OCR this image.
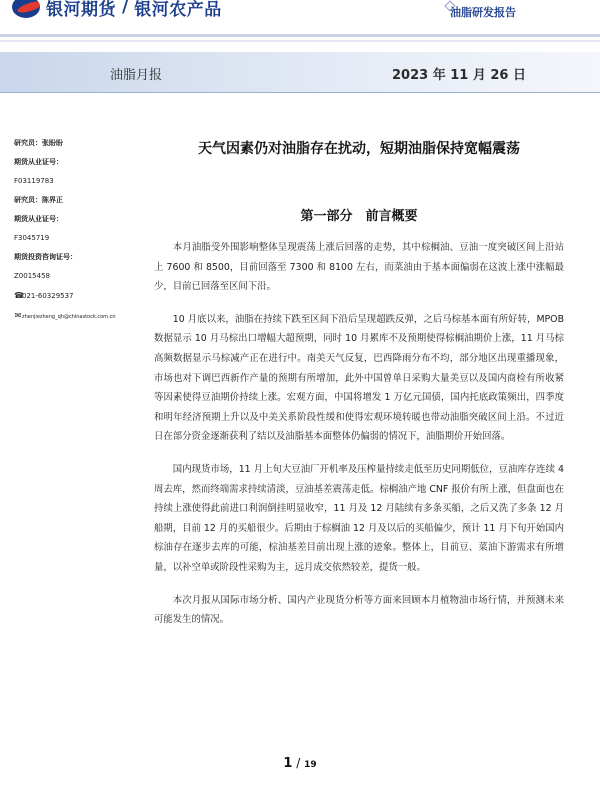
银河期货 / 银河农产品	油脂研发报告
油脂月报	2023 年 11 月 26 日
研究员：张盼盼
期货从业证号：
F03119783
研究员：陈界正
期货从业证号：
F3045719
期货投资咨询证号：
Z0015458
☎021-60329537
✉zhenjiezheng_qh@chinastock.com.cn
天气因素仍对油脂存在扰动，短期油脂保持宽幅震荡
第一部分　前言概要

本月油脂受外围影响整体呈现震荡上涨后回落的走势，其中棕榈油、豆油一度突破区间上沿站上 7600 和 8500，目前回落至 7300 和 8100 左右，而菜油由于基本面偏弱在这波上涨中涨幅最少，目前已回落至区间下沿。

10 月底以来，油脂在持续下跌至区间下沿后呈现超跌反弹，之后马棕基本面有所好转，MPOB 数据显示 10 月马棕出口增幅大超预期，同时 10 月累库不及预期使得棕榈油期价上涨，11 月马棕高频数据显示马棕减产正在进行中。南美天气反复，巴西降雨分布不均，部分地区出现重播现象，市场也对下调巴西新作产量的预期有所增加，此外中国曾单日采购大量美豆以及国内商检有所收紧等因素使得豆油期价持续上涨。宏观方面，中国将增发 1 万亿元国债，国内托底政策频出，四季度和明年经济预期上升以及中美关系阶段性缓和使得宏观环境转暖也带动油脂突破区间上沿。不过近日在部分资金逐渐获利了结以及油脂基本面整体仍偏弱的情况下，油脂期价开始回落。

国内现货市场，11 月上旬大豆油厂开机率及压榨量持续走低至历史同期低位，豆油库存连续 4 周去库，然而终端需求持续清淡，豆油基差震荡走低。棕榈油产地 CNF 报价有所上涨，但盘面也在持续上涨使得此前进口利润倒挂明显收窄，11 月及 12 月陆续有多条买船，之后又洗了多条 12 月船期，目前 12 月的买船很少。后期由于棕榈油 12 月及以后的买船偏少，预计 11 月下旬开始国内棕油存在逐步去库的可能，棕油基差目前出现上涨的迹象。整体上，目前豆、菜油下游需求有所增量，以补空单或阶段性采购为主，远月成交依然较差，提货一般。

本次月报从国际市场分析、国内产业现货分析等方面来回顾本月植物油市场行情，并预测未来可能发生的情况。

1 / 19
